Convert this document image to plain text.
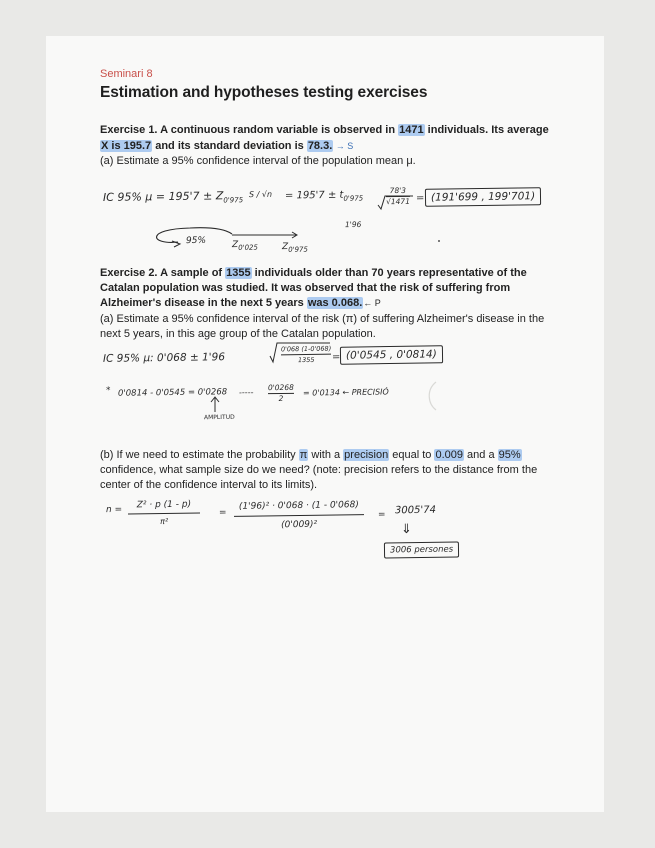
Seminari 8
Estimation and hypotheses testing exercises
Exercise 1. A continuous random variable is observed in 1471 individuals. Its average
X is 195.7 and its standard deviation is 78.3. → S
(a) Estimate a 95% confidence interval of the population mean μ.
IC 95% $\mu = 195'7 \pm Z_{0'975}$
$S / √n = 195'7 \pm t_{0'975}$
78'3
√1471 = (191'699 , 199'701)
1'96
95%	$Z_{0'025}$	$Z_{0'975}$
Exercise 2. A sample of 1355 individuals older than 70 years representative of the
Catalan population was studied. It was observed that the risk of suffering from
Alzheimer's disease in the next 5 years was 0.068.← P
(a) Estimate a 95% confidence interval of the risk (π) of suffering Alzheimer's disease in the
next 5 years, in this age group of the Catalan population.
IC 95% μ: 0'068 ± 1'96
0'068 (1-0'068)
1355	= (0'0545 , 0'0814)
* 0'0814 - 0'0545 = 0'0268 -----
0'0268
2
= 0'0134 ← PRECISIÓ
AMPLITUD
(b) If we need to estimate the probability π with a precision equal to 0.009 and a 95%
confidence, what sample size do we need? (note: precision refers to the distance from the
center of the confidence interval to its limits).
n =	Z² · p (1 - p)
π²
=
(1'96)² · 0'068 · (1 - 0'068)
(0'009)²
= 3005'74
⇓
3006 persones
